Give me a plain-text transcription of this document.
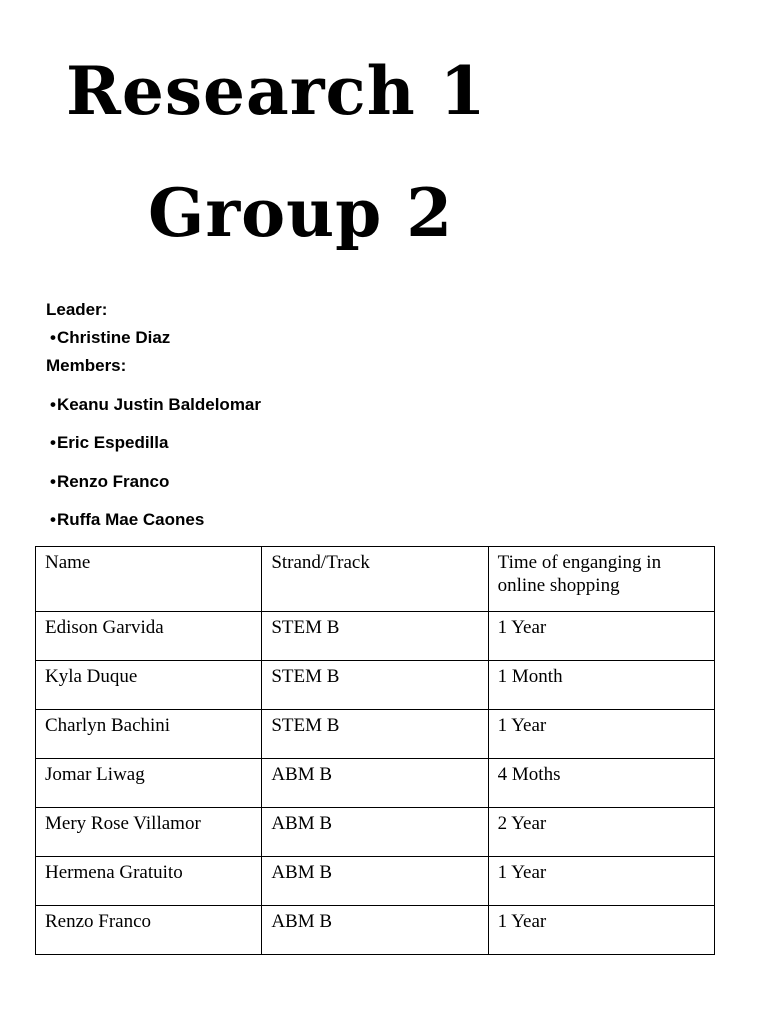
Research 1
Group 2
Leader:
•Christine Diaz
Members:
•Keanu Justin Baldelomar
•Eric Espedilla
•Renzo Franco
•Ruffa Mae Caones
Name	Strand/Track	Time of enganging in online shopping
Edison Garvida	STEM B	1 Year
Kyla Duque	STEM B	1 Month
Charlyn Bachini	STEM B	1 Year
Jomar Liwag	ABM B	4 Moths
Mery Rose Villamor	ABM B	2 Year
Hermena Gratuito	ABM B	1 Year
Renzo Franco	ABM B	1 Year
